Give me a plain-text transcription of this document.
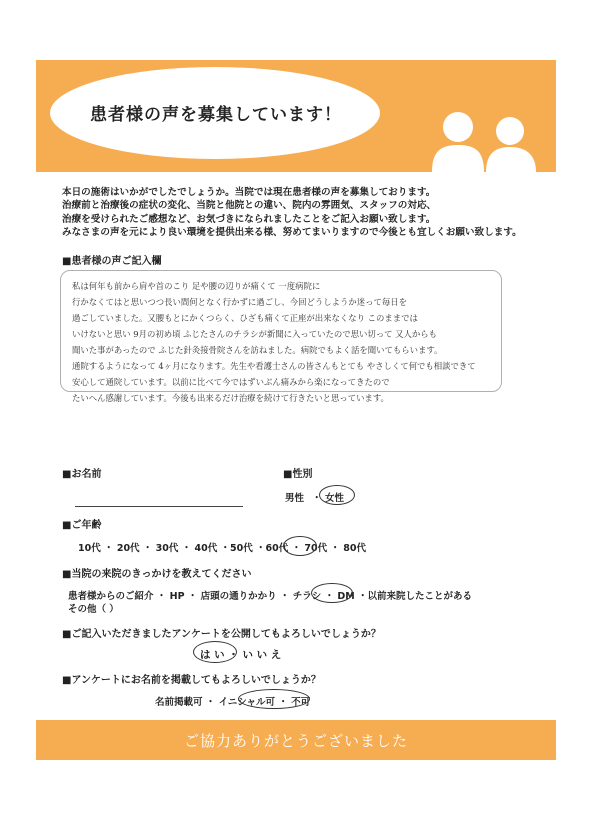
患者様の声を募集しています！
本日の施術はいかがでしたでしょうか。当院では現在患者様の声を募集しております。
治療前と治療後の症状の変化、当院と他院との違い、院内の雰囲気、スタッフの対応、
治療を受けられたご感想など、お気づきになられましたことをご記入お願い致します。
みなさまの声を元により良い環境を提供出来る様、努めてまいりますので今後とも宜しくお願い致します。
■患者様の声ご記入欄
私は何年も前から肩や首のこり 足や腰の辺りが痛くて 一度病院に
行かなくてはと思いつつ長い間何となく行かずに過ごし、今回どうしようか迷って毎日を
過ごしていました。又腰もとにかくつらく、ひざも痛くて正座が出来なくなり このままでは
いけないと思い 9月の初め頃 ふじたさんのチラシが新聞に入っていたので思い切って 又人からも
聞いた事があったので ふじた針灸接骨院さんを訪ねました。病院でもよく話を聞いてもらいます。
通院するようになって 4ヶ月になります。先生や看護士さんの皆さんもとても やさしくて何でも相談できて
安心して通院しています。以前に比べて今ではずいぶん痛みから楽になってきたので
たいへん感謝しています。今後も出来るだけ治療を続けて行きたいと思っています。
■お名前	■性別
男性 ・ 女性
■ご年齢
10代 ・ 20代 ・ 30代 ・ 40代 ・50代 ・60代 ・ 70代 ・ 80代
■当院の来院のきっかけを教えてください
患者様からのご紹介 ・ HP ・ 店頭の通りかかり ・ チラシ ・ DM ・以前来院したことがある
その他（ ）
■ご記入いただきましたアンケートを公開してもよろしいでしょうか？
は い ・ い い え
■アンケートにお名前を掲載してもよろしいでしょうか？
名前掲載可 ・ イニシャル可 ・ 不可
ご協力ありがとうございました
